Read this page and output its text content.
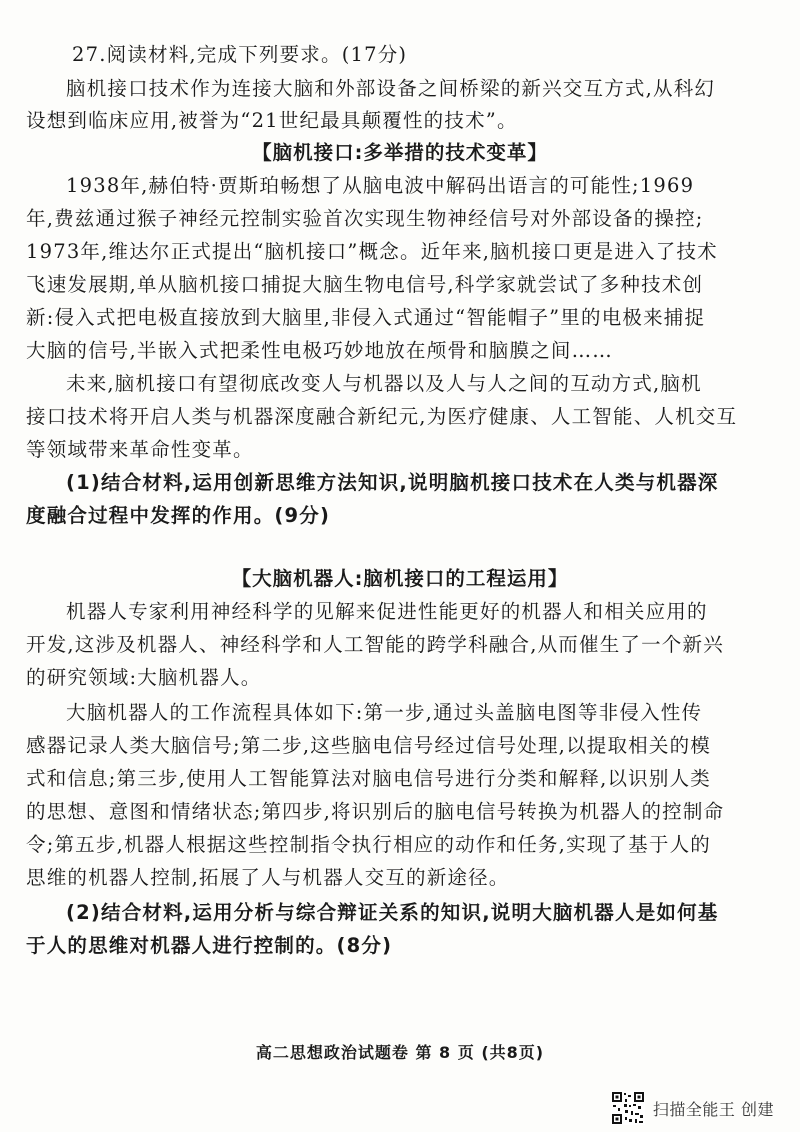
27.阅读材料,完成下列要求。(17分)
脑机接口技术作为连接大脑和外部设备之间桥梁的新兴交互方式,从科幻
设想到临床应用,被誉为“21世纪最具颠覆性的技术”。
【脑机接口:多举措的技术变革】
1938年,赫伯特·贾斯珀畅想了从脑电波中解码出语言的可能性;1969
年,费兹通过猴子神经元控制实验首次实现生物神经信号对外部设备的操控;
1973年,维达尔正式提出“脑机接口”概念。近年来,脑机接口更是进入了技术
飞速发展期,单从脑机接口捕捉大脑生物电信号,科学家就尝试了多种技术创
新:侵入式把电极直接放到大脑里,非侵入式通过“智能帽子”里的电极来捕捉
大脑的信号,半嵌入式把柔性电极巧妙地放在颅骨和脑膜之间……
未来,脑机接口有望彻底改变人与机器以及人与人之间的互动方式,脑机
接口技术将开启人类与机器深度融合新纪元,为医疗健康、人工智能、人机交互
等领域带来革命性变革。
(1)结合材料,运用创新思维方法知识,说明脑机接口技术在人类与机器深
度融合过程中发挥的作用。(9分)
【大脑机器人:脑机接口的工程运用】
机器人专家利用神经科学的见解来促进性能更好的机器人和相关应用的
开发,这涉及机器人、神经科学和人工智能的跨学科融合,从而催生了一个新兴
的研究领域:大脑机器人。
大脑机器人的工作流程具体如下:第一步,通过头盖脑电图等非侵入性传
感器记录人类大脑信号;第二步,这些脑电信号经过信号处理,以提取相关的模
式和信息;第三步,使用人工智能算法对脑电信号进行分类和解释,以识别人类
的思想、意图和情绪状态;第四步,将识别后的脑电信号转换为机器人的控制命
令;第五步,机器人根据这些控制指令执行相应的动作和任务,实现了基于人的
思维的机器人控制,拓展了人与机器人交互的新途径。
(2)结合材料,运用分析与综合辩证关系的知识,说明大脑机器人是如何基
于人的思维对机器人进行控制的。(8分)
高二思想政治试题卷 第 8 页 (共8页)
扫描全能王 创建
